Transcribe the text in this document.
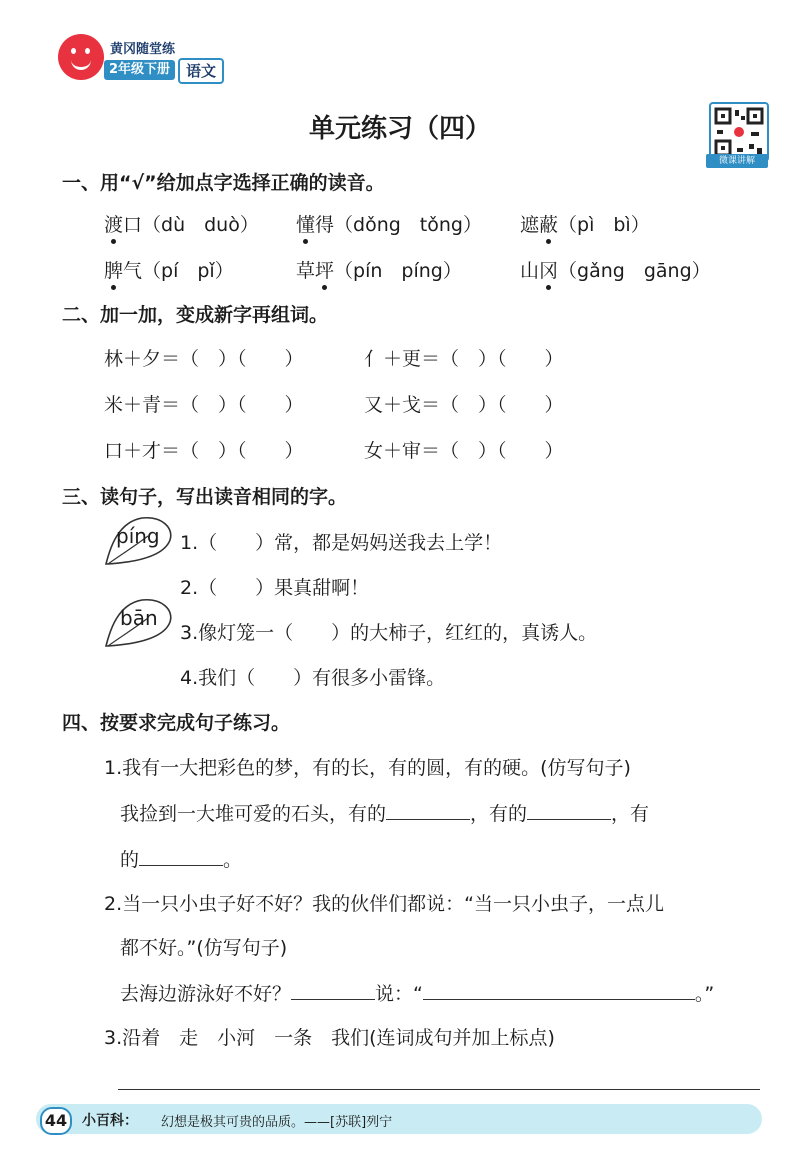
黄冈随堂练
2年级下册	语文
单元练习（四）
微课讲解
一、用“√”给加点字选择正确的读音。
渡口（dù　duò） 懂得（dǒng　tǒng） 遮蔽（pì　bì）
脾气（pí　pǐ）	草坪（pín　píng）	山冈（gǎng　gāng）
二、加一加，变成新字再组词。
林＋夕＝（　）（　　）	亻＋更＝（　）（　　）
米＋青＝（　）（　　）	又＋戈＝（　）（　　）
口＋才＝（　）（　　）	女＋审＝（　）（　　）
三、读句子，写出读音相同的字。
píng
bān
1.（　　）常，都是妈妈送我去上学！
2.（　　）果真甜啊！
3.像灯笼一（　　）的大柿子，红红的，真诱人。
4.我们（　　）有很多小雷锋。
四、按要求完成句子练习。
1.我有一大把彩色的梦，有的长，有的圆，有的硬。(仿写句子)
我捡到一大堆可爱的石头，有的	，有的	，有
的	。
2.当一只小虫子好不好？我的伙伴们都说：“当一只小虫子，一点儿
都不好。”(仿写句子)
去海边游泳好不好？	说：“	。”
3.沿着　走　小河　一条　我们(连词成句并加上标点)
44	小百科： 幻想是极其可贵的品质。——[苏联]列宁
